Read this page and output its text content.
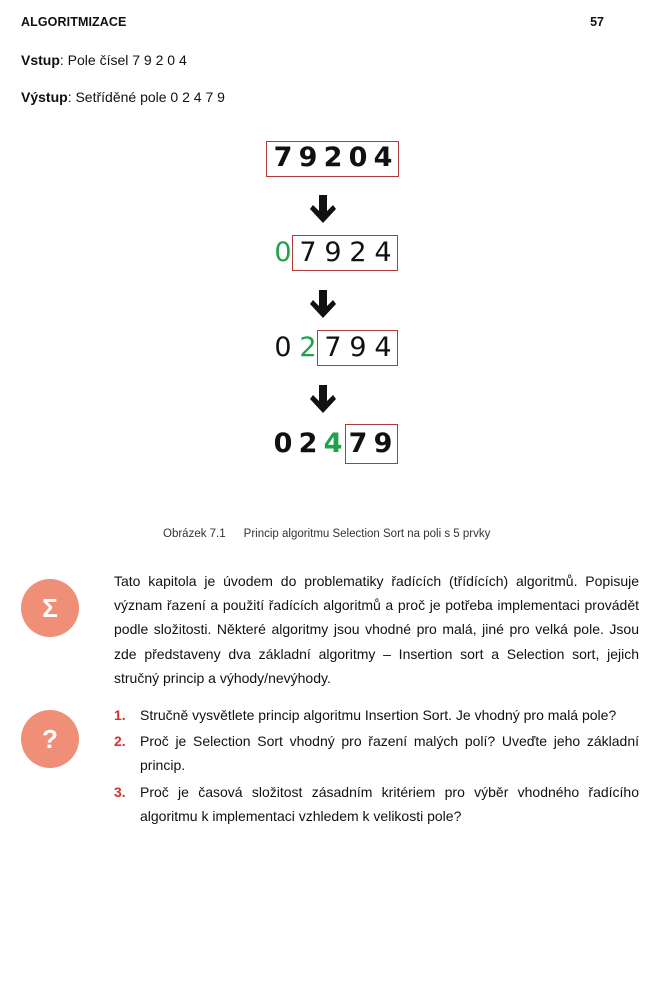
ALGORITMIZACE	57
Vstup: Pole čísel 7 9 2 0 4
Výstup: Setříděné pole 0 2 4 7 9
7 9 2 0 4
0 7 9 2 4
0 2 7 9 4
0 2 4 7 9
Obrázek 7.1 Princip algoritmu Selection Sort na poli s 5 prvky
Σ
Tato kapitola je úvodem do problematiky řadících (třídících) algoritmů. Popisuje význam řazení a použití řadících algoritmů a proč je potřeba implementaci provádět podle složitosti. Některé algoritmy jsou vhodné pro malá, jiné pro velká pole. Jsou zde představeny dva základní algoritmy – Insertion sort a Selection sort, jejich stručný princip a výhody/nevýhody.
?
1. Stručně vysvětlete princip algoritmu Insertion Sort. Je vhodný pro malá pole?
2. Proč je Selection Sort vhodný pro řazení malých polí? Uveďte jeho základní princip.
3. Proč je časová složitost zásadním kritériem pro výběr vhodného řadícího algoritmu k implementaci vzhledem k velikosti pole?
